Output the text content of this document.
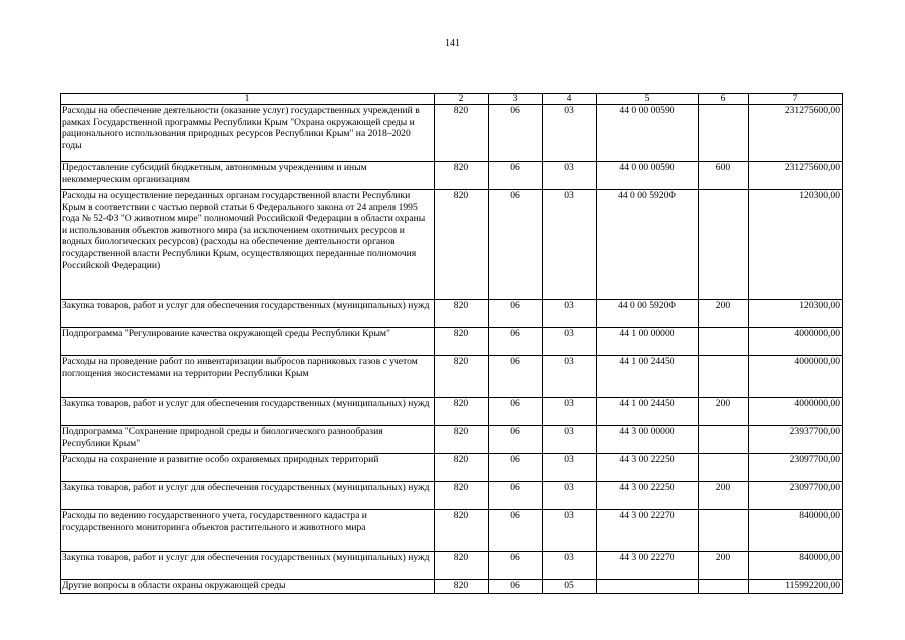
141
1	2	3	4	5	6	7
Расходы на обеспечение деятельности (оказание услуг) государственных учреждений в рамках Государственной программы Республики Крым "Охрана окружающей среды и рационального использования природных ресурсов Республики Крым" на 2018–2020 годы	820	06	03	44 0 00 00590		231275600,00
Предоставление субсидий бюджетным, автономным учреждениям и иным некоммерческим организациям	820	06	03	44 0 00 00590	600	231275600,00
Расходы на осуществление переданных органам государственной власти Республики Крым в соответствии с частью первой статьи 6 Федерального закона от 24 апреля 1995 года № 52-ФЗ "О животном мире" полномочий Российской Федерации в области охраны и использования объектов животного мира (за исключением охотничьих ресурсов и водных биологических ресурсов) (расходы на обеспечение деятельности органов государственной власти Республики Крым, осуществляющих переданные полномочия Российской Федерации)	820	06	03	44 0 00 5920Ф		120300,00
Закупка товаров, работ и услуг для обеспечения государственных (муниципальных) нужд	820	06	03	44 0 00 5920Ф	200	120300,00
Подпрограмма "Регулирование качества окружающей среды Республики Крым"	820	06	03	44 1 00 00000		4000000,00
Расходы на проведение работ по инвентаризации выбросов парниковых газов с учетом поглощения экосистемами на территории Республики Крым	820	06	03	44 1 00 24450		4000000,00
Закупка товаров, работ и услуг для обеспечения государственных (муниципальных) нужд	820	06	03	44 1 00 24450	200	4000000,00
Подпрограмма "Сохранение природной среды и биологического разнообразия Республики Крым"	820	06	03	44 3 00 00000		23937700,00
Расходы на сохранение и развитие особо охраняемых природных территорий	820	06	03	44 3 00 22250		23097700,00
Закупка товаров, работ и услуг для обеспечения государственных (муниципальных) нужд	820	06	03	44 3 00 22250	200	23097700,00
Расходы по ведению государственного учета, государственного кадастра и государственного мониторинга объектов растительного и животного мира	820	06	03	44 3 00 22270		840000,00
Закупка товаров, работ и услуг для обеспечения государственных (муниципальных) нужд	820	06	03	44 3 00 22270	200	840000,00
Другие вопросы в области охраны окружающей среды	820	06	05			115992200,00
